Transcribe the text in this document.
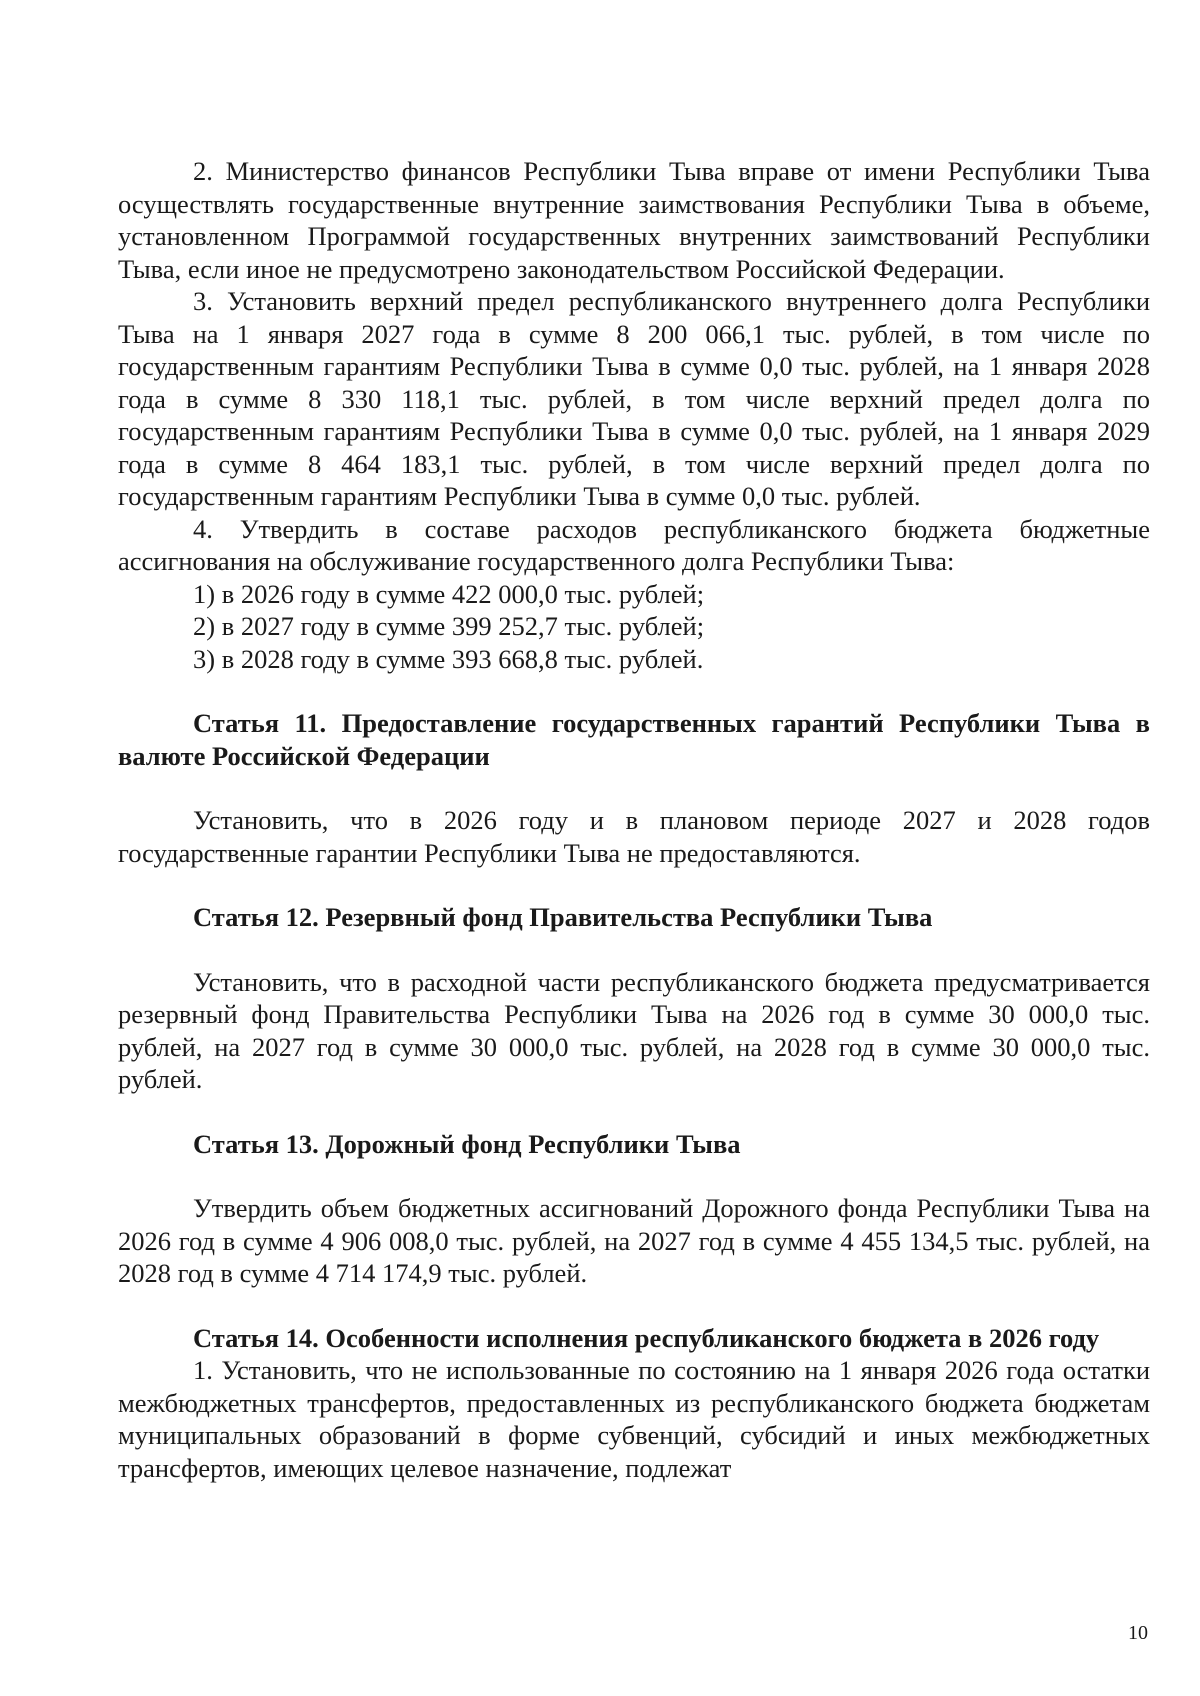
2. Министерство финансов Республики Тыва вправе от имени Республики Тыва осуществлять государственные внутренние заимствования Республики Тыва в объеме, установленном Программой государственных внутренних заимствований Республики Тыва, если иное не предусмотрено законодательством Российской Федерации.

3. Установить верхний предел республиканского внутреннего долга Республики Тыва на 1 января 2027 года в сумме 8 200 066,1 тыс. рублей, в том числе по государственным гарантиям Республики Тыва в сумме 0,0 тыс. рублей, на 1 января 2028 года в сумме 8 330 118,1 тыс. рублей, в том числе верхний предел долга по государственным гарантиям Республики Тыва в сумме 0,0 тыс. рублей, на 1 января 2029 года в сумме 8 464 183,1 тыс. рублей, в том числе верхний предел долга по государственным гарантиям Республики Тыва в сумме 0,0 тыс. рублей.

4. Утвердить в составе расходов республиканского бюджета бюджетные ассигнования на обслуживание государственного долга Республики Тыва:

1) в 2026 году в сумме 422 000,0 тыс. рублей;
2) в 2027 году в сумме 399 252,7 тыс. рублей;
3) в 2028 году в сумме 393 668,8 тыс. рублей.
Статья 11. Предоставление государственных гарантий Республики Тыва в валюте Российской Федерации

Установить, что в 2026 году и в плановом периоде 2027 и 2028 годов государственные гарантии Республики Тыва не предоставляются.

Статья 12. Резервный фонд Правительства Республики Тыва

Установить, что в расходной части республиканского бюджета предусматривается резервный фонд Правительства Республики Тыва на 2026 год в сумме 30 000,0 тыс. рублей, на 2027 год в сумме 30 000,0 тыс. рублей, на 2028 год в сумме 30 000,0 тыс. рублей.

Статья 13. Дорожный фонд Республики Тыва

Утвердить объем бюджетных ассигнований Дорожного фонда Республики Тыва на 2026 год в сумме 4 906 008,0 тыс. рублей, на 2027 год в сумме 4 455 134,5 тыс. рублей, на 2028 год в сумме 4 714 174,9 тыс. рублей.

Статья 14. Особенности исполнения республиканского бюджета в 2026 году

1. Установить, что не использованные по состоянию на 1 января 2026 года остатки межбюджетных трансфертов, предоставленных из республиканского бюджета бюджетам муниципальных образований в форме субвенций, субсидий и иных межбюджетных трансфертов, имеющих целевое назначение, подлежат

10
